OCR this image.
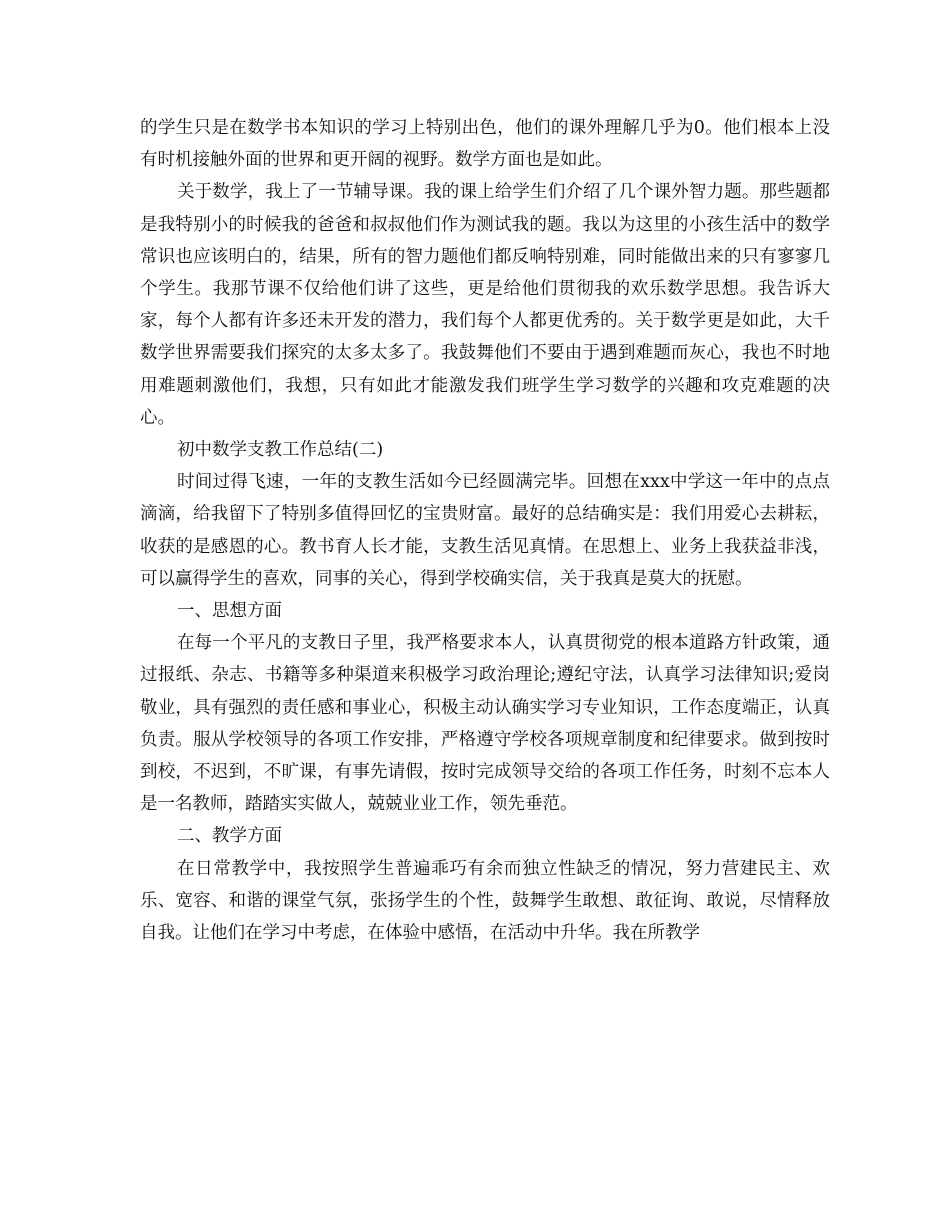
的学生只是在数学书本知识的学习上特别出色，他们的课外理解几乎为0。他们根本上没有时机接触外面的世界和更开阔的视野。数学方面也是如此。

关于数学，我上了一节辅导课。我的课上给学生们介绍了几个课外智力题。那些题都是我特别小的时候我的爸爸和叔叔他们作为测试我的题。我以为这里的小孩生活中的数学常识也应该明白的，结果，所有的智力题他们都反响特别难，同时能做出来的只有寥寥几个学生。我那节课不仅给他们讲了这些，更是给他们贯彻我的欢乐数学思想。我告诉大家，每个人都有许多还未开发的潜力，我们每个人都更优秀的。关于数学更是如此，大千数学世界需要我们探究的太多太多了。我鼓舞他们不要由于遇到难题而灰心，我也不时地用难题刺激他们，我想，只有如此才能激发我们班学生学习数学的兴趣和攻克难题的决心。

初中数学支教工作总结(二)

时间过得飞速，一年的支教生活如今已经圆满完毕。回想在xxx中学这一年中的点点滴滴，给我留下了特别多值得回忆的宝贵财富。最好的总结确实是：我们用爱心去耕耘，收获的是感恩的心。教书育人长才能，支教生活见真情。在思想上、业务上我获益非浅，可以赢得学生的喜欢，同事的关心，得到学校确实信，关于我真是莫大的抚慰。

一、思想方面

在每一个平凡的支教日子里，我严格要求本人，认真贯彻党的根本道路方针政策，通过报纸、杂志、书籍等多种渠道来积极学习政治理论;遵纪守法，认真学习法律知识;爱岗敬业，具有强烈的责任感和事业心，积极主动认确实学习专业知识，工作态度端正，认真负责。服从学校领导的各项工作安排，严格遵守学校各项规章制度和纪律要求。做到按时到校，不迟到，不旷课，有事先请假，按时完成领导交给的各项工作任务，时刻不忘本人是一名教师，踏踏实实做人，兢兢业业工作，领先垂范。

二、教学方面

在日常教学中，我按照学生普遍乖巧有余而独立性缺乏的情况，努力营建民主、欢乐、宽容、和谐的课堂气氛，张扬学生的个性，鼓舞学生敢想、敢征询、敢说，尽情释放自我。让他们在学习中考虑，在体验中感悟，在活动中升华。我在所教学
